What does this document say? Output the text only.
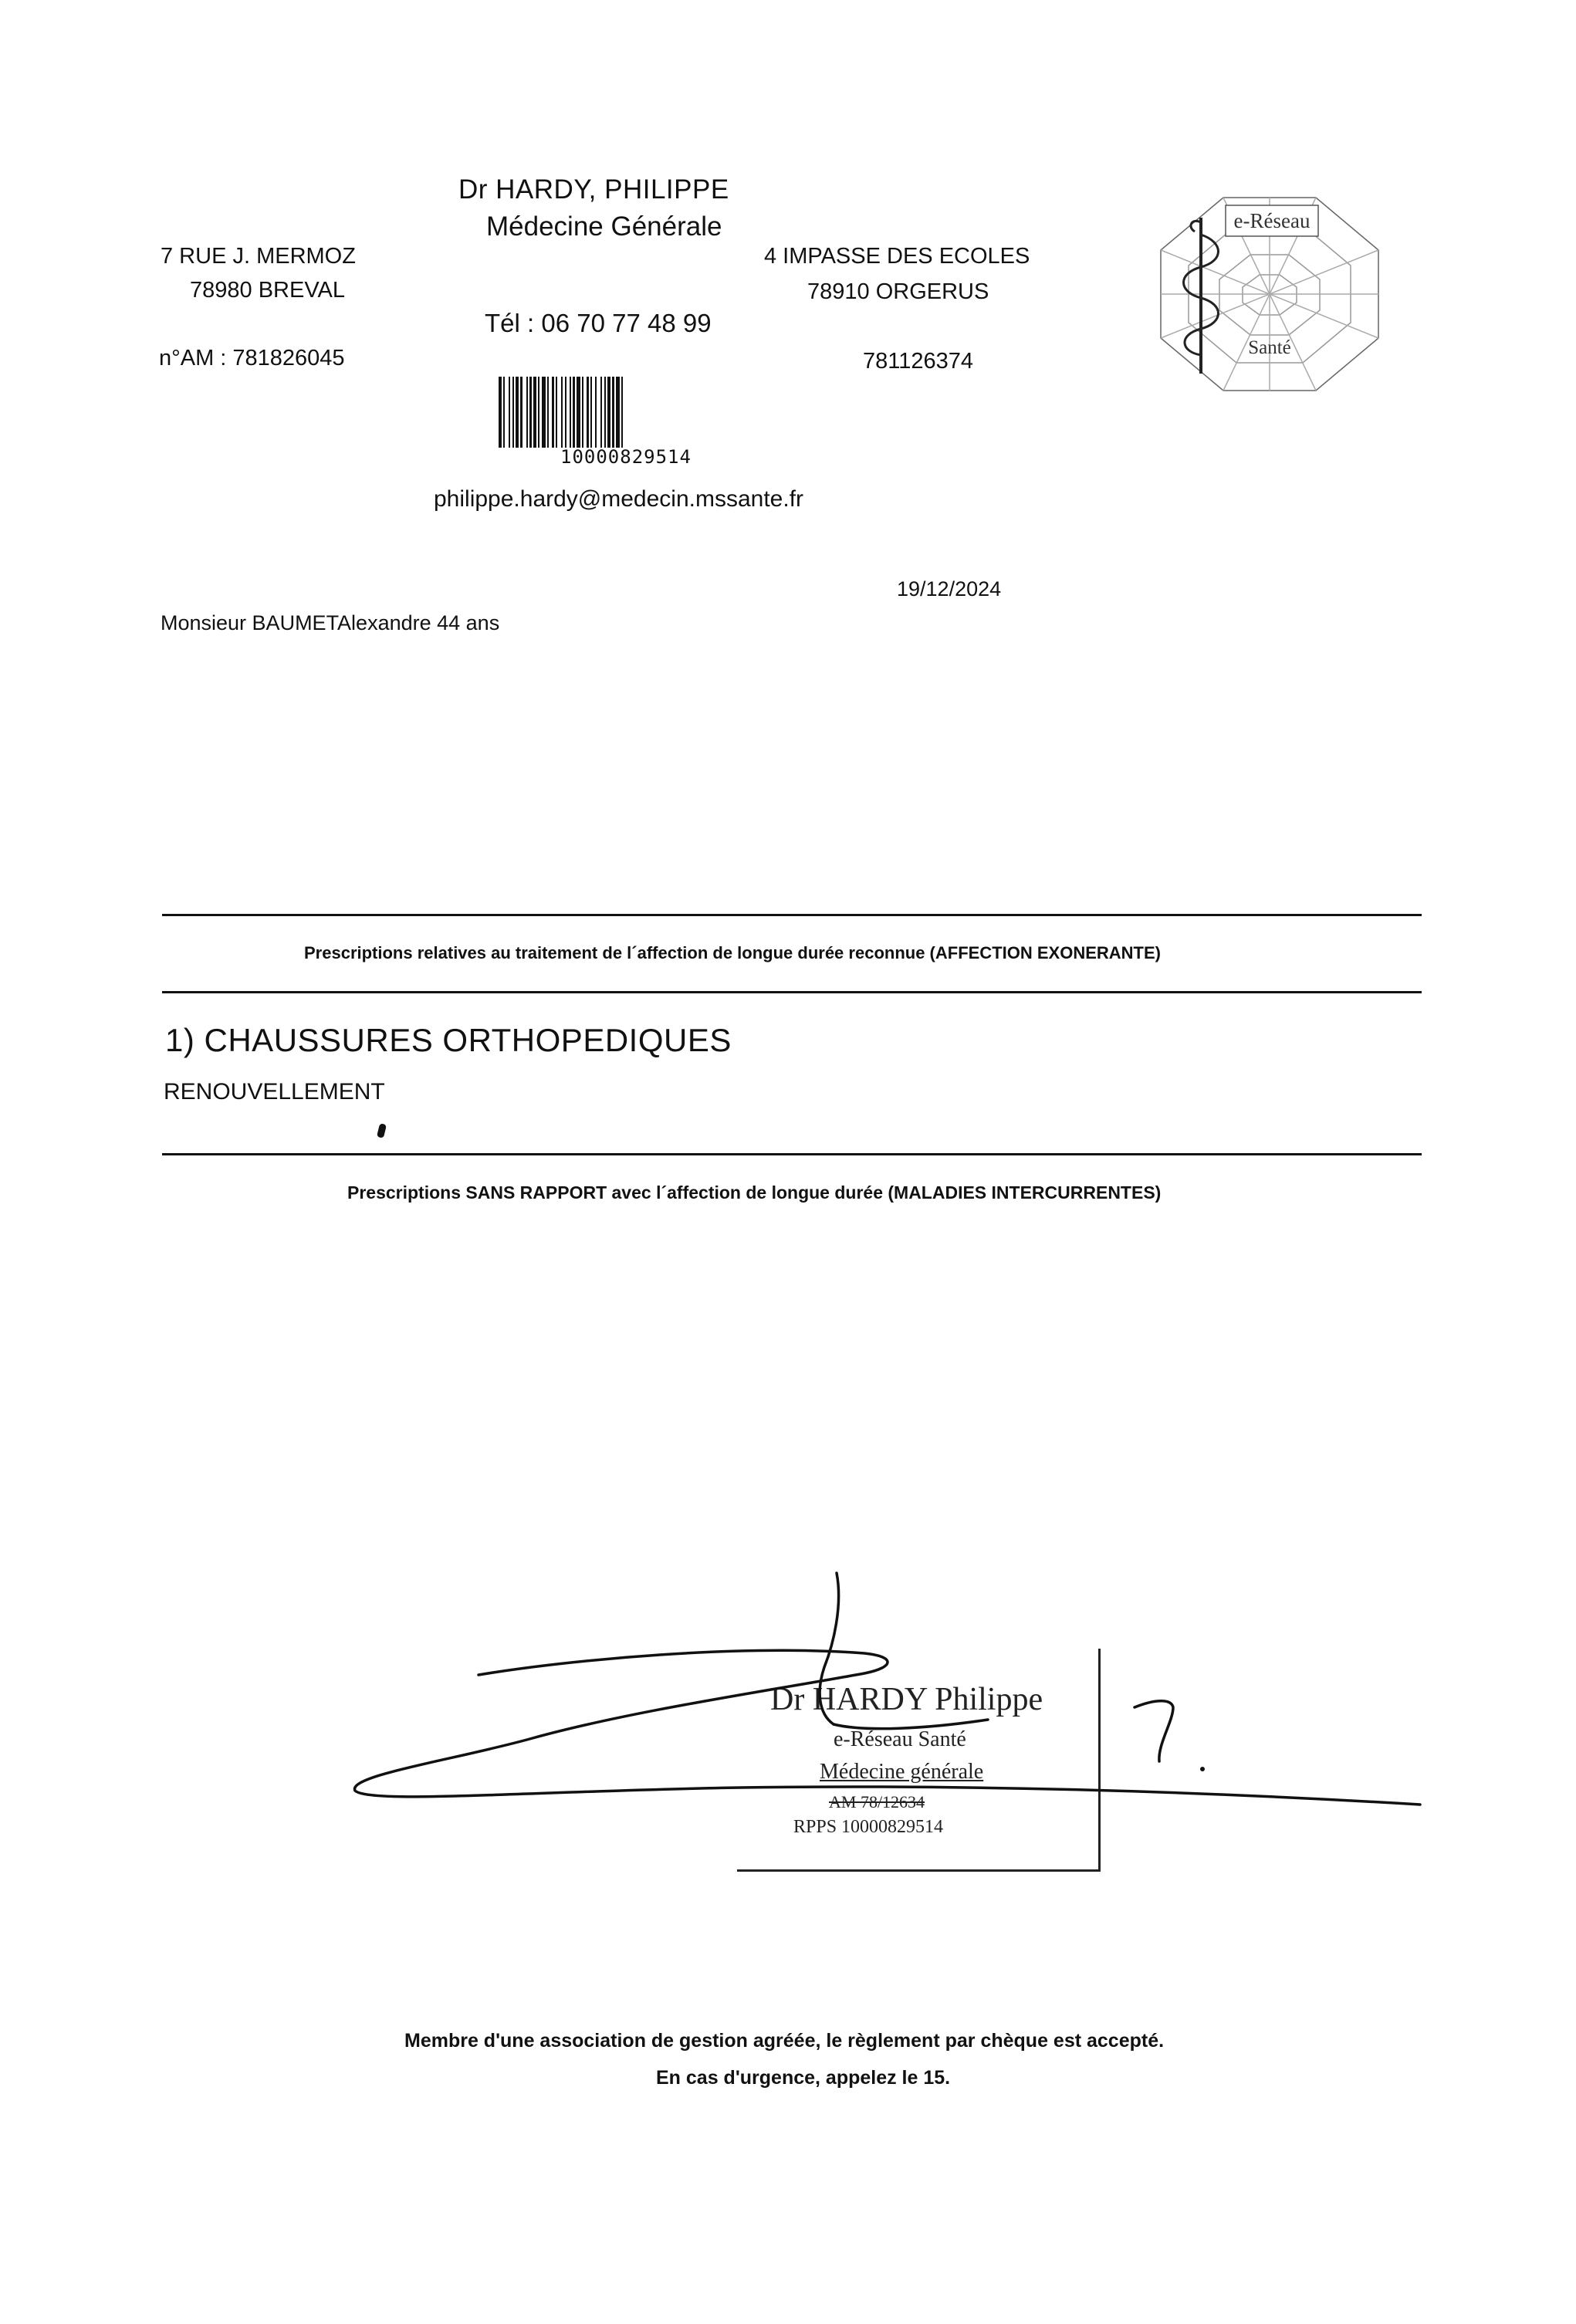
Dr HARDY, PHILIPPE
Médecine Générale
7 RUE J. MERMOZ
78980 BREVAL
4 IMPASSE DES ECOLES
78910 ORGERUS
Tél : 06 70 77 48 99
n°AM : 781826045	781126374
10000829514
philippe.hardy@medecin.mssante.fr
e-Réseau
Santé
19/12/2024
Monsieur BAUMETAlexandre 44 ans
Prescriptions relatives au traitement de l´affection de longue durée reconnue (AFFECTION EXONERANTE)
1) CHAUSSURES ORTHOPEDIQUES
RENOUVELLEMENT
Prescriptions SANS RAPPORT avec l´affection de longue durée (MALADIES INTERCURRENTES)
Dr HARDY Philippe
e-Réseau Santé
Médecine générale
AM 78/12634
RPPS 10000829514
Membre d'une association de gestion agréée, le règlement par chèque est accepté.
En cas d'urgence, appelez le 15.
